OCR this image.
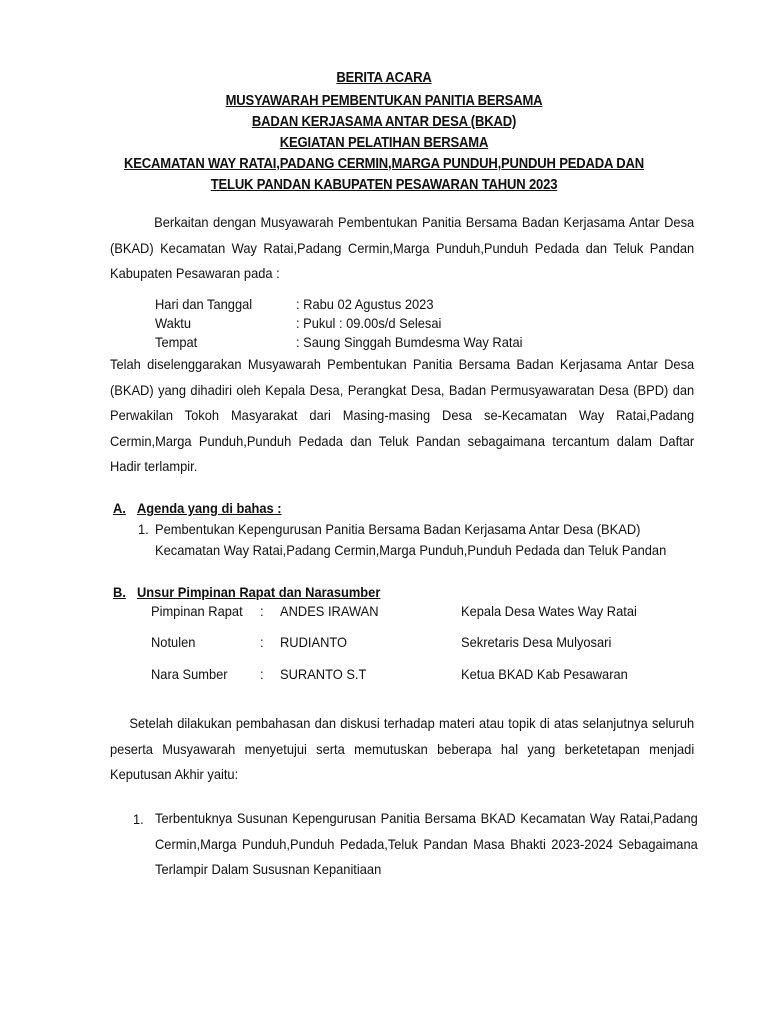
BERITA ACARA
MUSYAWARAH PEMBENTUKAN PANITIA BERSAMA
BADAN KERJASAMA ANTAR DESA (BKAD)
KEGIATAN PELATIHAN BERSAMA
KECAMATAN WAY RATAI,PADANG CERMIN,MARGA PUNDUH,PUNDUH PEDADA DAN
TELUK PANDAN KABUPATEN PESAWARAN TAHUN 2023
Berkaitan dengan Musyawarah Pembentukan Panitia Bersama Badan Kerjasama Antar Desa (BKAD) Kecamatan Way Ratai,Padang Cermin,Marga Punduh,Punduh Pedada dan Teluk Pandan Kabupaten Pesawaran pada :
Hari dan Tanggal	: Rabu 02 Agustus 2023
Waktu	: Pukul : 09.00s/d Selesai
Tempat	: Saung Singgah Bumdesma Way Ratai
Telah diselenggarakan Musyawarah Pembentukan Panitia Bersama Badan Kerjasama Antar Desa (BKAD) yang dihadiri oleh Kepala Desa, Perangkat Desa, Badan Permusyawaratan Desa (BPD) dan Perwakilan Tokoh Masyarakat dari Masing-masing Desa se-Kecamatan Way Ratai,Padang Cermin,Marga Punduh,Punduh Pedada dan Teluk Pandan sebagaimana tercantum dalam Daftar Hadir terlampir.
A. Agenda yang di bahas :
1. Pembentukan Kepengurusan Panitia Bersama Badan Kerjasama Antar Desa (BKAD)
Kecamatan Way Ratai,Padang Cermin,Marga Punduh,Punduh Pedada dan Teluk Pandan
B. Unsur Pimpinan Rapat dan Narasumber
Pimpinan Rapat : ANDES IRAWAN	Kepala Desa Wates Way Ratai
Notulen	: RUDIANTO	Sekretaris Desa Mulyosari
Nara Sumber : SURANTO S.T	Ketua BKAD Kab Pesawaran
Setelah dilakukan pembahasan dan diskusi terhadap materi atau topik di atas selanjutnya seluruh peserta Musyawarah menyetujui serta memutuskan beberapa hal yang berketetapan menjadi Keputusan Akhir yaitu:
1. Terbentuknya Susunan Kepengurusan Panitia Bersama BKAD Kecamatan Way Ratai,Padang Cermin,Marga Punduh,Punduh Pedada,Teluk Pandan Masa Bhakti 2023-2024 Sebagaimana Terlampir Dalam Sususnan Kepanitiaan
